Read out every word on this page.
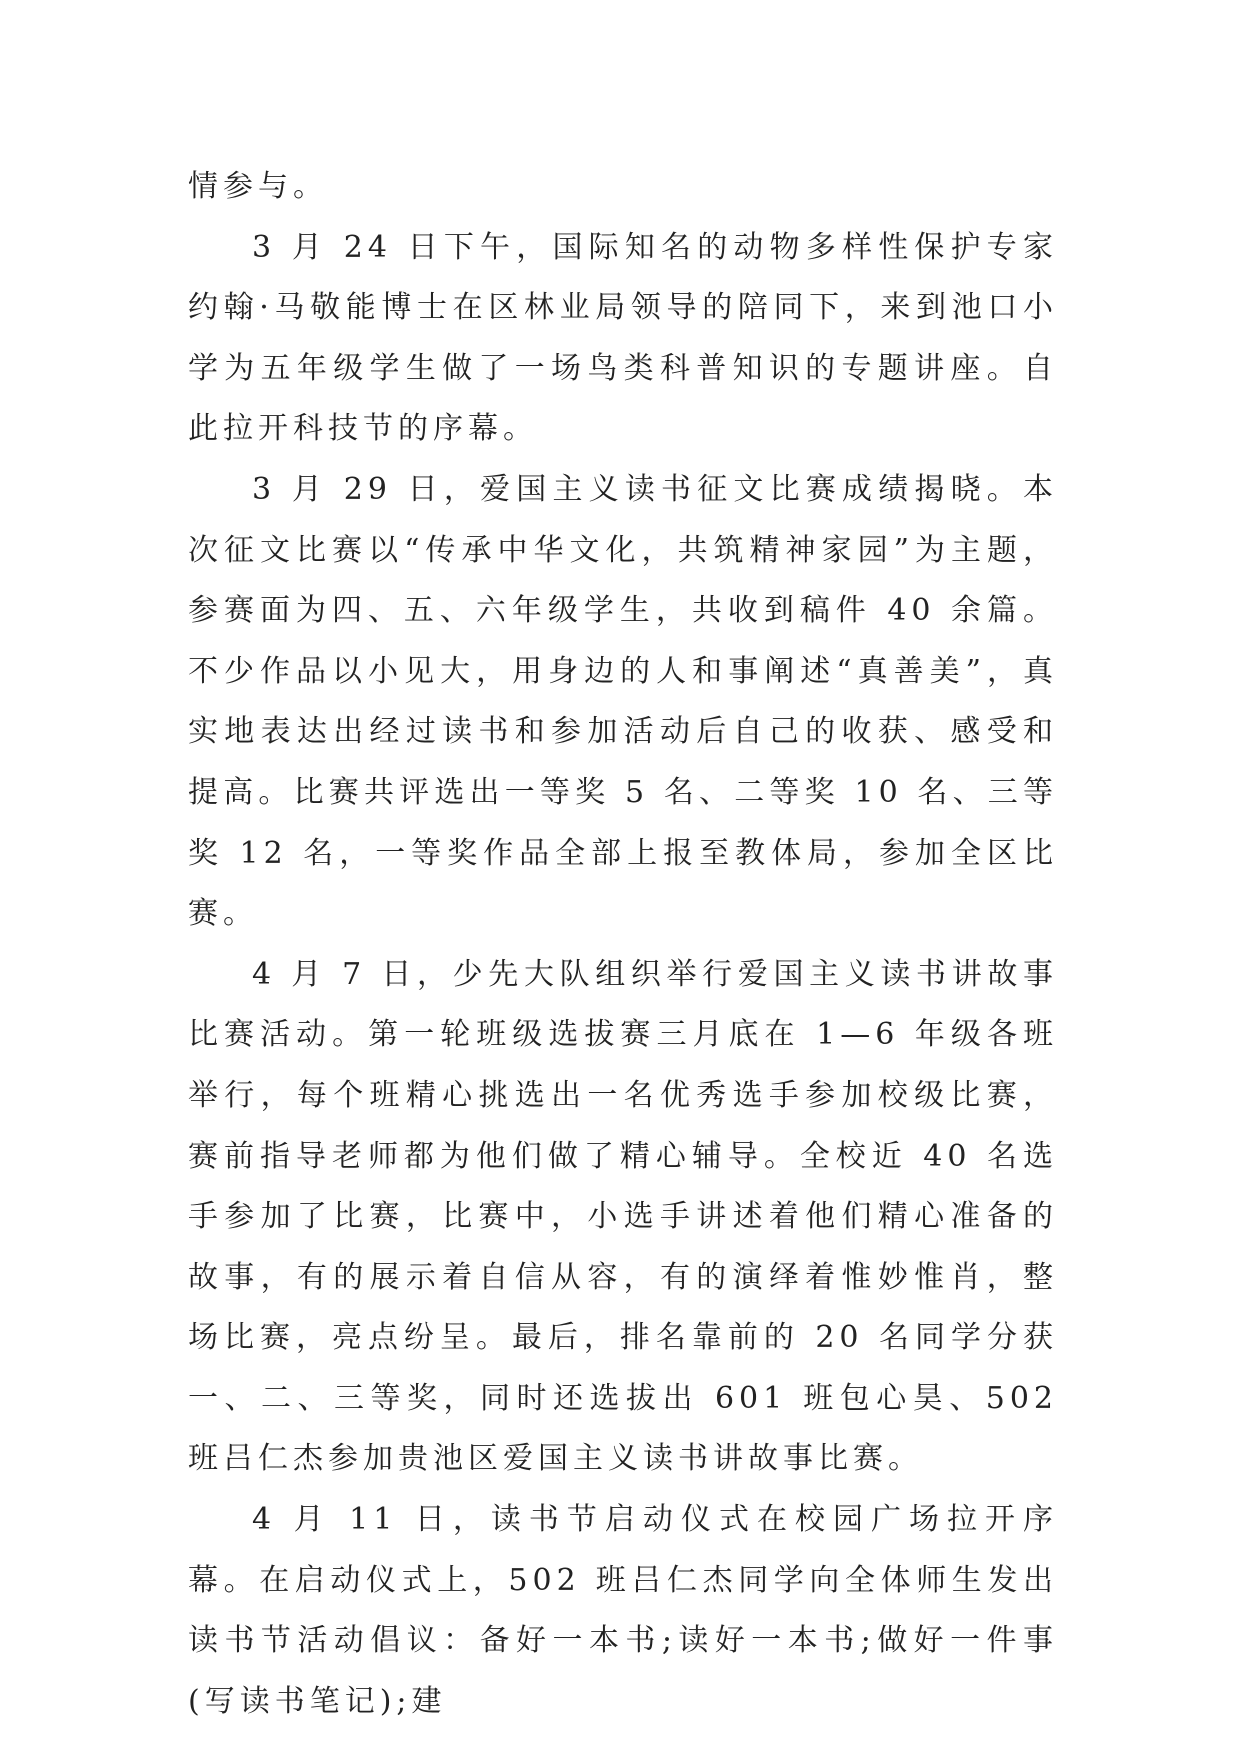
情参与。

3 月 24 日下午，国际知名的动物多样性保护专家约翰·马敬能博士在区林业局领导的陪同下，来到池口小学为五年级学生做了一场鸟类科普知识的专题讲座。自此拉开科技节的序幕。

3 月 29 日，爱国主义读书征文比赛成绩揭晓。本次征文比赛以“传承中华文化，共筑精神家园”为主题，参赛面为四、五、六年级学生，共收到稿件 40 余篇。不少作品以小见大，用身边的人和事阐述“真善美”，真实地表达出经过读书和参加活动后自己的收获、感受和提高。比赛共评选出一等奖 5 名、二等奖 10 名、三等奖 12 名，一等奖作品全部上报至教体局，参加全区比赛。

4 月 7 日，少先大队组织举行爱国主义读书讲故事比赛活动。第一轮班级选拔赛三月底在 1—6 年级各班举行，每个班精心挑选出一名优秀选手参加校级比赛，赛前指导老师都为他们做了精心辅导。全校近 40 名选手参加了比赛，比赛中，小选手讲述着他们精心准备的故事，有的展示着自信从容，有的演绎着惟妙惟肖，整场比赛，亮点纷呈。最后，排名靠前的 20 名同学分获一、二、三等奖，同时还选拔出 601 班包心昊、502 班吕仁杰参加贵池区爱国主义读书讲故事比赛。

4 月 11 日，读书节启动仪式在校园广场拉开序幕。在启动仪式上，502 班吕仁杰同学向全体师生发出读书节活动倡议：备好一本书;读好一本书;做好一件事(写读书笔记);建
